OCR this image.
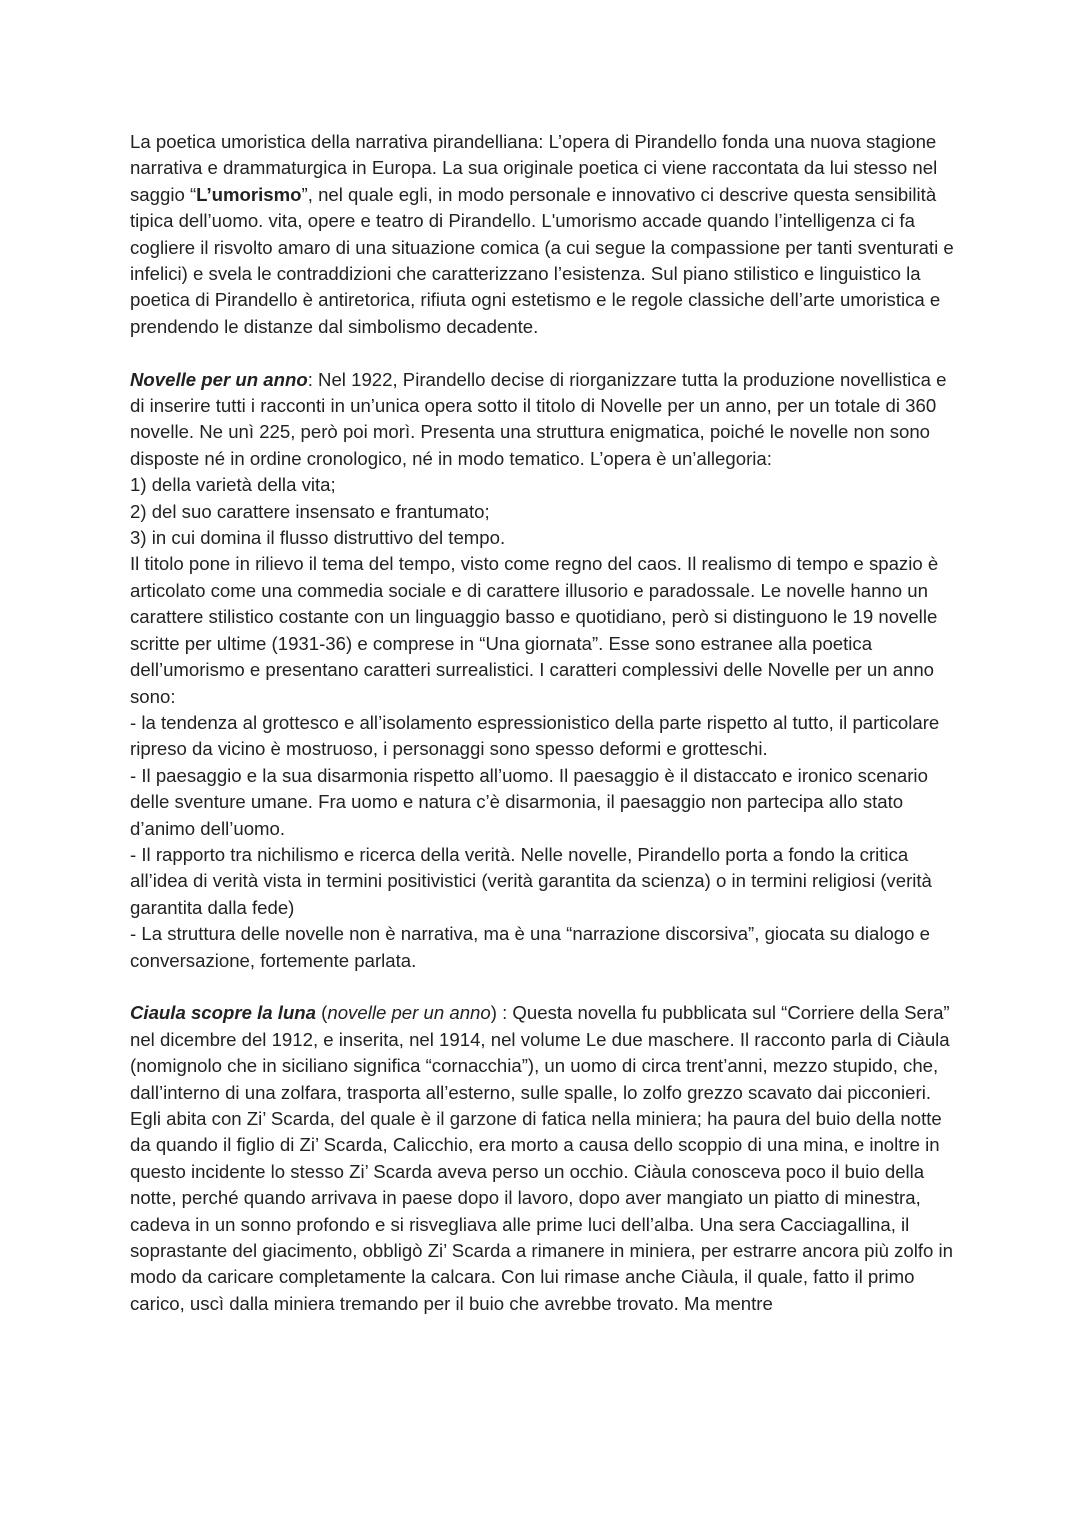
La poetica umoristica della narrativa pirandelliana: L’opera di Pirandello fonda una nuova stagione narrativa e drammaturgica in Europa. La sua originale poetica ci viene raccontata da lui stesso nel saggio “L’umorismo”, nel quale egli, in modo personale e innovativo ci descrive questa sensibilità tipica dell’uomo. vita, opere e teatro di Pirandello. L'umorismo accade quando l’intelligenza ci fa cogliere il risvolto amaro di una situazione comica (a cui segue la compassione per tanti sventurati e infelici) e svela le contraddizioni che caratterizzano l’esistenza. Sul piano stilistico e linguistico la poetica di Pirandello è antiretorica, rifiuta ogni estetismo e le regole classiche dell’arte umoristica e prendendo le distanze dal simbolismo decadente.

Novelle per un anno: Nel 1922, Pirandello decise di riorganizzare tutta la produzione novellistica e di inserire tutti i racconti in un’unica opera sotto il titolo di Novelle per un anno, per un totale di 360 novelle. Ne unì 225, però poi morì. Presenta una struttura enigmatica, poiché le novelle non sono disposte né in ordine cronologico, né in modo tematico. L’opera è un’allegoria:

1) della varietà della vita;
2) del suo carattere insensato e frantumato;
3) in cui domina il flusso distruttivo del tempo.

Il titolo pone in rilievo il tema del tempo, visto come regno del caos. Il realismo di tempo e spazio è articolato come una commedia sociale e di carattere illusorio e paradossale. Le novelle hanno un carattere stilistico costante con un linguaggio basso e quotidiano, però si distinguono le 19 novelle scritte per ultime (1931-36) e comprese in “Una giornata”. Esse sono estranee alla poetica dell’umorismo e presentano caratteri surrealistici. I caratteri complessivi delle Novelle per un anno sono:

- la tendenza al grottesco e all’isolamento espressionistico della parte rispetto al tutto, il particolare ripreso da vicino è mostruoso, i personaggi sono spesso deformi e grotteschi.

- Il paesaggio e la sua disarmonia rispetto all’uomo. Il paesaggio è il distaccato e ironico scenario delle sventure umane. Fra uomo e natura c’è disarmonia, il paesaggio non partecipa allo stato d’animo dell’uomo.

- Il rapporto tra nichilismo e ricerca della verità. Nelle novelle, Pirandello porta a fondo la critica all’idea di verità vista in termini positivistici (verità garantita da scienza) o in termini religiosi (verità garantita dalla fede)

- La struttura delle novelle non è narrativa, ma è una “narrazione discorsiva”, giocata su dialogo e conversazione, fortemente parlata.

Ciaula scopre la luna (novelle per un anno) : Questa novella fu pubblicata sul “Corriere della Sera” nel dicembre del 1912, e inserita, nel 1914, nel volume Le due maschere. Il racconto parla di Ciàula (nomignolo che in siciliano significa “cornacchia”), un uomo di circa trent’anni, mezzo stupido, che, dall’interno di una zolfara, trasporta all’esterno, sulle spalle, lo zolfo grezzo scavato dai picconieri. Egli abita con Zi’ Scarda, del quale è il garzone di fatica nella miniera; ha paura del buio della notte da quando il figlio di Zi’ Scarda, Calicchio, era morto a causa dello scoppio di una mina, e inoltre in questo incidente lo stesso Zi’ Scarda aveva perso un occhio. Ciàula conosceva poco il buio della notte, perché quando arrivava in paese dopo il lavoro, dopo aver mangiato un piatto di minestra, cadeva in un sonno profondo e si risvegliava alle prime luci dell’alba. Una sera Cacciagallina, il soprastante del giacimento, obbligò Zi’ Scarda a rimanere in miniera, per estrarre ancora più zolfo in modo da caricare completamente la calcara. Con lui rimase anche Ciàula, il quale, fatto il primo carico, uscì dalla miniera tremando per il buio che avrebbe trovato. Ma mentre
